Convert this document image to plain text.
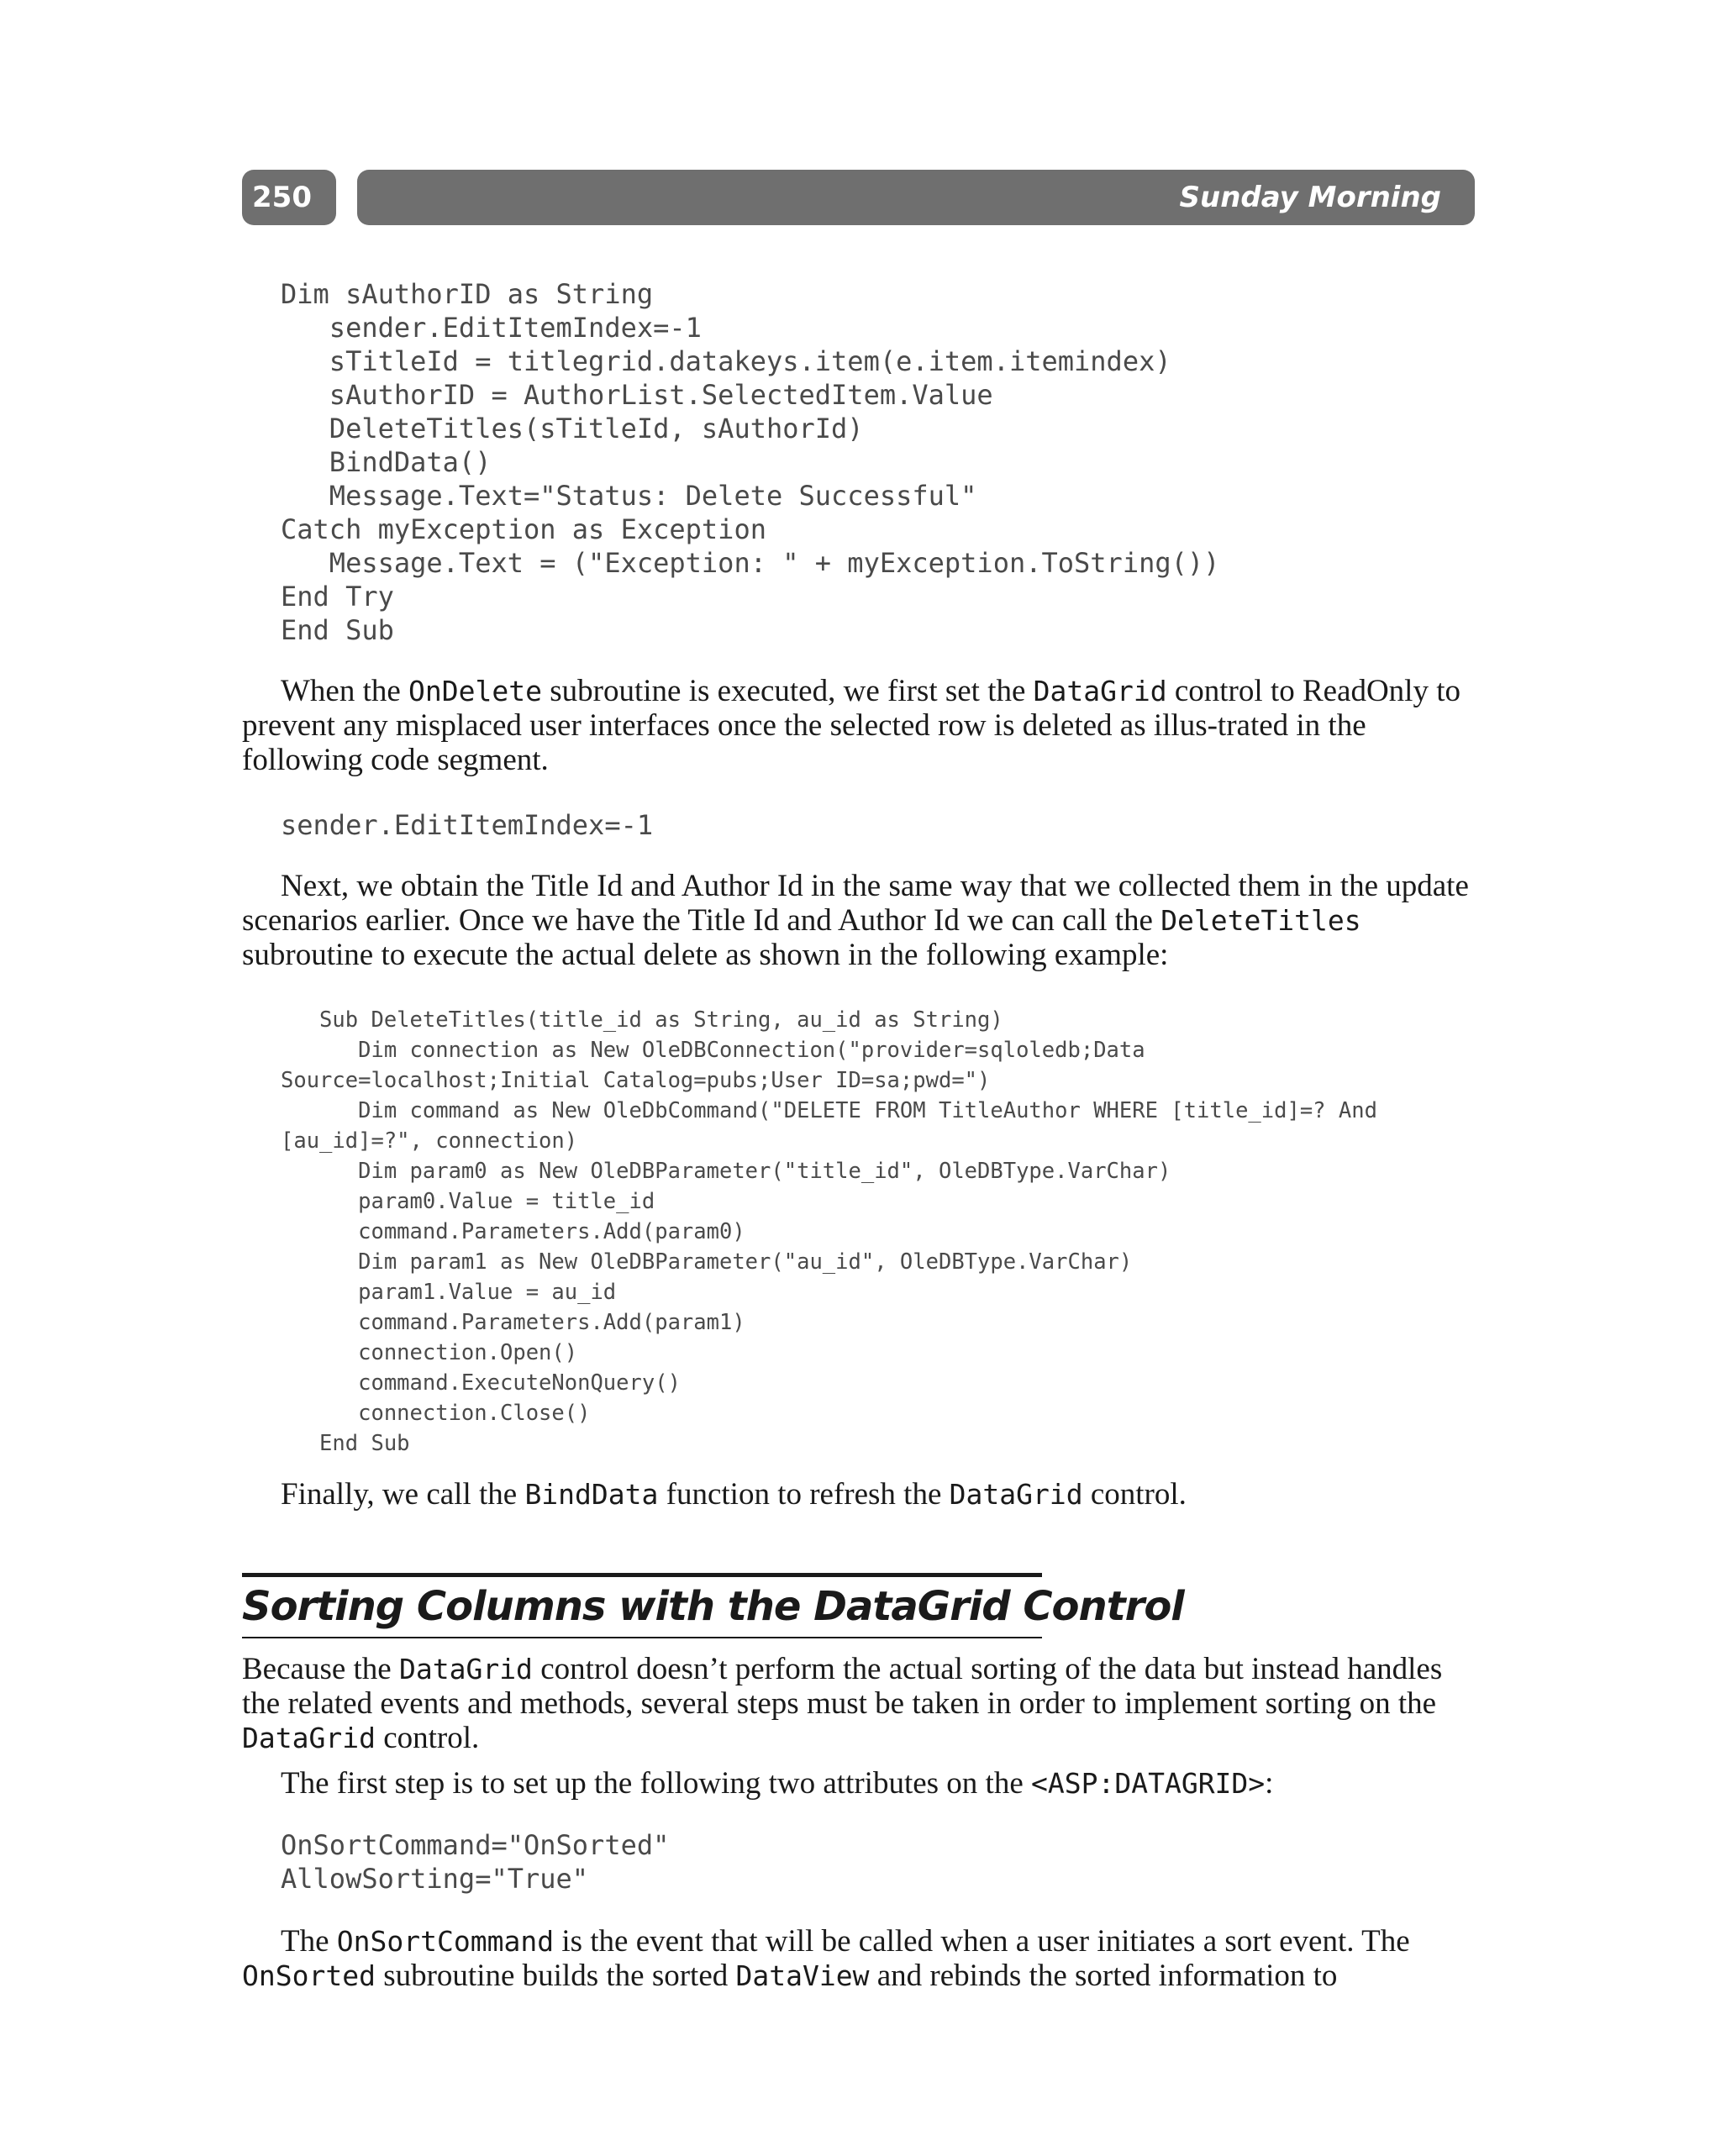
250	Sunday Morning
Dim sAuthorID as String
sender.EditItemIndex=-1
sTitleId = titlegrid.datakeys.item(e.item.itemindex)
sAuthorID = AuthorList.SelectedItem.Value
DeleteTitles(sTitleId, sAuthorId)
BindData()
Message.Text="Status: Delete Successful"
Catch myException as Exception
Message.Text = ("Exception: " + myException.ToString())
End Try
End Sub

When the OnDelete subroutine is executed, we first set the DataGrid control to ReadOnly to prevent any misplaced user interfaces once the selected row is deleted as illus-trated in the following code segment.

sender.EditItemIndex=-1

Next, we obtain the Title Id and Author Id in the same way that we collected them in the update scenarios earlier. Once we have the Title Id and Author Id we can call the DeleteTitles subroutine to execute the actual delete as shown in the following example:

Sub DeleteTitles(title_id as String, au_id as String)
Dim connection as New OleDBConnection("provider=sqloledb;Data
Source=localhost;Initial Catalog=pubs;User ID=sa;pwd=")
Dim command as New OleDbCommand("DELETE FROM TitleAuthor WHERE [title_id]=? And
[au_id]=?", connection)
Dim param0 as New OleDBParameter("title_id", OleDBType.VarChar)
param0.Value = title_id
command.Parameters.Add(param0)
Dim param1 as New OleDBParameter("au_id", OleDBType.VarChar)
param1.Value = au_id
command.Parameters.Add(param1)
connection.Open()
command.ExecuteNonQuery()
connection.Close()
End Sub

Finally, we call the BindData function to refresh the DataGrid control.

Sorting Columns with the DataGrid Control

Because the DataGrid control doesn’t perform the actual sorting of the data but instead handles the related events and methods, several steps must be taken in order to implement sorting on the DataGrid control.

The first step is to set up the following two attributes on the <ASP:DATAGRID>:

OnSortCommand="OnSorted"
AllowSorting="True"

The OnSortCommand is the event that will be called when a user initiates a sort event. The OnSorted subroutine builds the sorted DataView and rebinds the sorted information to
